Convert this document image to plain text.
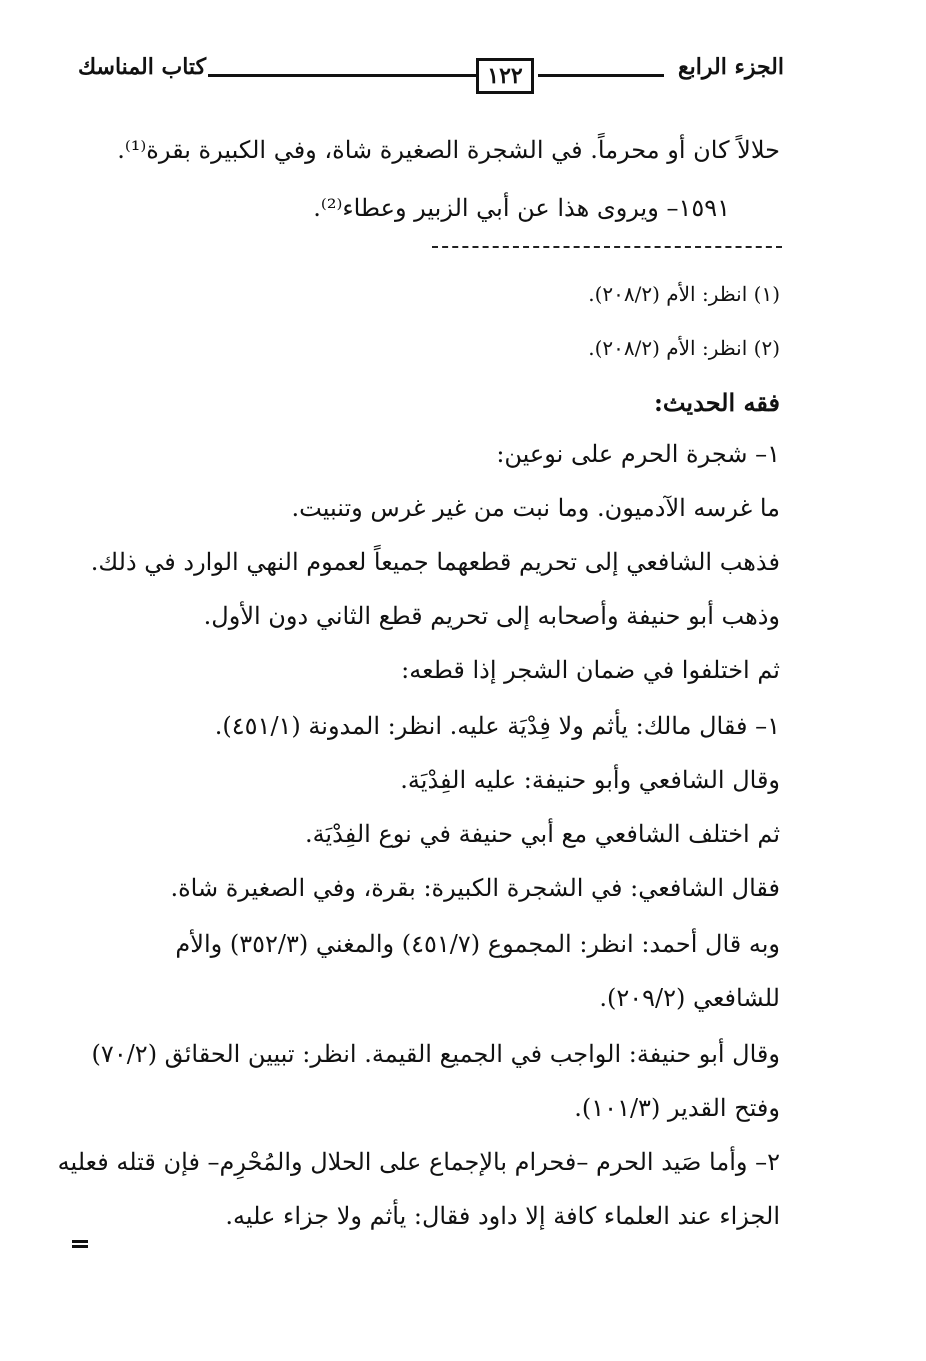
الجزء الرابع
١٢٢
كتاب المناسك
حلالاً كان أو محرماً. في الشجرة الصغيرة شاة، وفي الكبيرة بقرة⁽¹⁾.
١٥٩١– ويروى هذا عن أبي الزبير وعطاء⁽²⁾.
(١) انظر: الأم (٢٠٨/٢).
(٢) انظر: الأم (٢٠٨/٢).
فقه الحديث:
١– شجرة الحرم على نوعين:
ما غرسه الآدميون. وما نبت من غير غرس وتنبيت.
فذهب الشافعي إلى تحريم قطعهما جميعاً لعموم النهي الوارد في ذلك.
وذهب أبو حنيفة وأصحابه إلى تحريم قطع الثاني دون الأول.
ثم اختلفوا في ضمان الشجر إذا قطعه:
١– فقال مالك: يأثم ولا فِدْيَة عليه. انظر: المدونة (٤٥١/١).
وقال الشافعي وأبو حنيفة: عليه الفِدْيَة.
ثم اختلف الشافعي مع أبي حنيفة في نوع الفِدْيَة.
فقال الشافعي: في الشجرة الكبيرة: بقرة، وفي الصغيرة شاة.
وبه قال أحمد: انظر: المجموع (٤٥١/٧) والمغني (٣٥٢/٣) والأم
للشافعي (٢٠٩/٢).
وقال أبو حنيفة: الواجب في الجميع القيمة. انظر: تبيين الحقائق (٧٠/٢)
وفتح القدير (١٠١/٣).
٢– وأما صَيد الحرم –فحرام بالإجماع على الحلال والمُحْرِم– فإن قتله فعليه
الجزاء عند العلماء كافة إلا داود فقال: يأثم ولا جزاء عليه.
